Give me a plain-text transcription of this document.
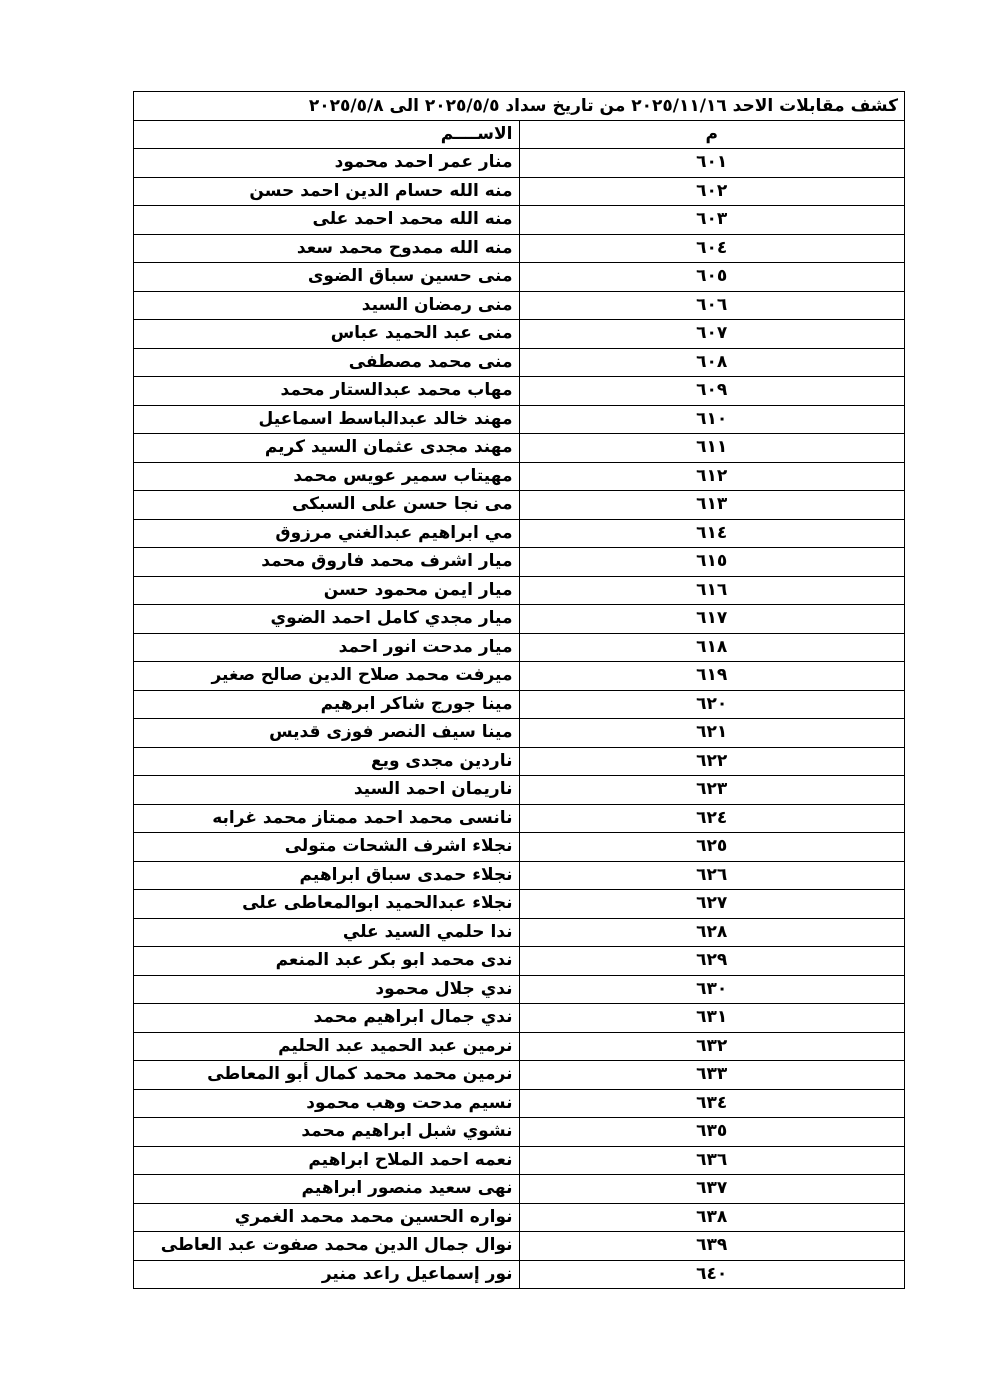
كشف مقابلات الاحد ٢٠٢٥/١١/١٦ من تاريخ سداد ٢٠٢٥/٥/٥ الى ٢٠٢٥/٥/٨	
م	الاســــم
٦٠١	منار عمر احمد محمود
٦٠٢	منه الله حسام الدين احمد حسن
٦٠٣	منه الله محمد احمد على
٦٠٤	منه الله ممدوح محمد سعد
٦٠٥	منى حسين سباق الضوى
٦٠٦	منى رمضان السيد
٦٠٧	منى عبد الحميد عباس
٦٠٨	منى محمد مصطفى
٦٠٩	مهاب محمد عبدالستار محمد
٦١٠	مهند خالد عبدالباسط اسماعيل
٦١١	مهند مجدى عثمان السيد كريم
٦١٢	مهيتاب سمير عويس محمد
٦١٣	مى نجا حسن على السبكى
٦١٤	مي ابراهيم عبدالغني مرزوق
٦١٥	ميار اشرف محمد فاروق محمد
٦١٦	ميار ايمن محمود حسن
٦١٧	ميار مجدي كامل احمد الضوي
٦١٨	ميار مدحت انور احمد
٦١٩	ميرفت محمد صلاح الدين صالح صغير
٦٢٠	مينا جورج شاكر ابرهيم
٦٢١	مينا سيف النصر فوزى قديس
٦٢٢	ناردين مجدى ويع
٦٢٣	ناريمان احمد السيد
٦٢٤	نانسى محمد احمد ممتاز محمد غرابه
٦٢٥	نجلاء اشرف الشحات متولى
٦٢٦	نجلاء حمدى سباق ابراهيم
٦٢٧	نجلاء عبدالحميد ابوالمعاطى على
٦٢٨	ندا حلمي السيد علي
٦٢٩	ندى محمد ابو بكر عبد المنعم
٦٣٠	ندي جلال محمود
٦٣١	ندي جمال ابراهيم محمد
٦٣٢	نرمين عبد الحميد عبد الحليم
٦٣٣	نرمين محمد محمد كمال أبو المعاطى
٦٣٤	نسيم مدحت وهب محمود
٦٣٥	نشوي شبل ابراهيم محمد
٦٣٦	نعمه احمد الملاح ابراهيم
٦٣٧	نهى سعيد منصور ابراهيم
٦٣٨	نواره الحسين محمد محمد الغمري
٦٣٩	نوال جمال الدين محمد صفوت عبد العاطى
٦٤٠	نور إسماعيل راعد منير
